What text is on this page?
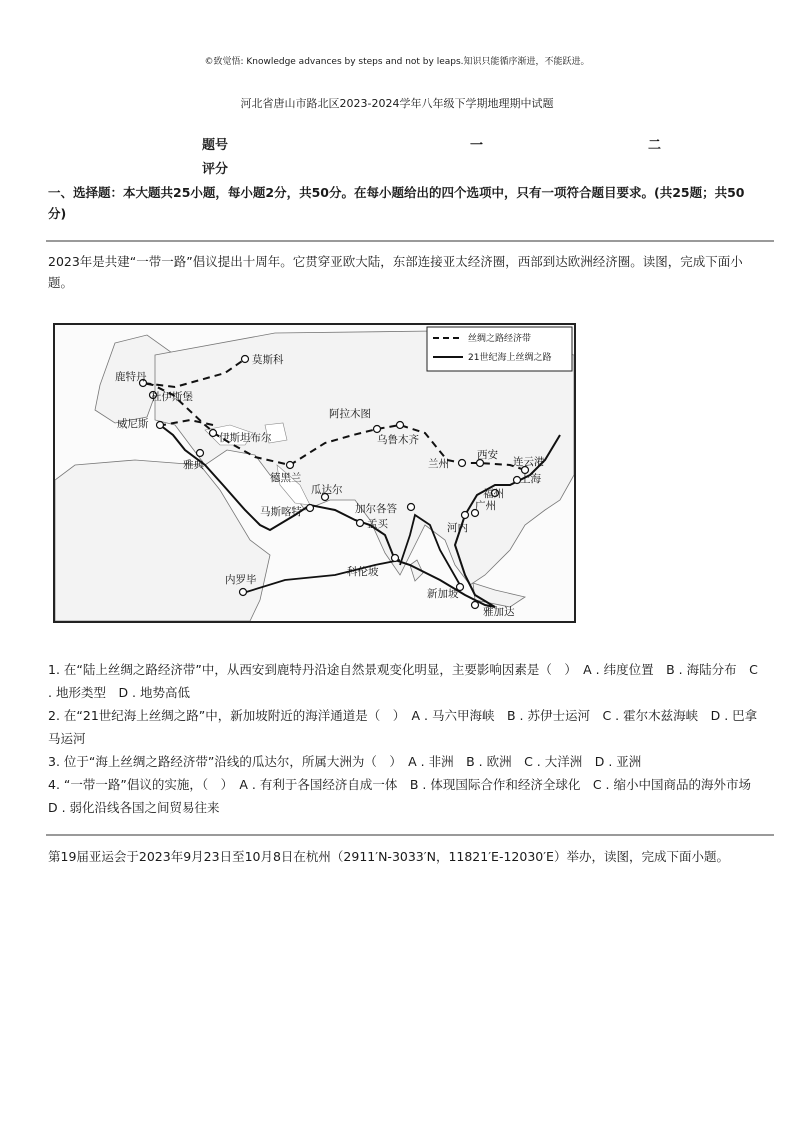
©致觉悟: Knowledge advances by steps and not by leaps.知识只能循序渐进，不能跃进。
河北省唐山市路北区2023-2024学年八年级下学期地理期中试题
题号	一	二
评分
一、选择题：本大题共25小题，每小题2分，共50分。在每小题给出的四个选项中，只有一项符合题目要求。(共25题；共50分)
2023年是共建“一带一路”倡议提出十周年。它贯穿亚欧大陆，东部连接亚太经济圈，西部到达欧洲经济圈。读图，完成下面小题。
丝绸之路经济带
21世纪海上丝绸之路
莫斯科
鹿特丹
杜伊斯堡
威尼斯
伊斯坦布尔
雅典
德黑兰
阿拉木图
乌鲁木齐
兰州
西安
连云港
上海
福州
广州
马斯喀特
瓜达尔
加尔各答
孟买	河内
科伦坡
内罗毕
新加坡
雅加达
1. 在“陆上丝绸之路经济带”中，从西安到鹿特丹沿途自然景观变化明显，主要影响因素是（　）　A . 纬度位置　B . 海陆分布　C . 地形类型　D . 地势高低
2. 在“21世纪海上丝绸之路”中，新加坡附近的海洋通道是（　）　A . 马六甲海峡　B . 苏伊士运河　C . 霍尔木兹海峡　D . 巴拿马运河
3. 位于“海上丝绸之路经济带”沿线的瓜达尔，所属大洲为（　）　A . 非洲　B . 欧洲　C . 大洋洲　D . 亚洲
4. “一带一路”倡议的实施，（　）　A . 有利于各国经济自成一体　B . 体现国际合作和经济全球化　C . 缩小中国商品的海外市场　D . 弱化沿线各国之间贸易往来
第19届亚运会于2023年9月23日至10月8日在杭州（2911′N-3033′N，11821′E-12030′E）举办，读图，完成下面小题。
